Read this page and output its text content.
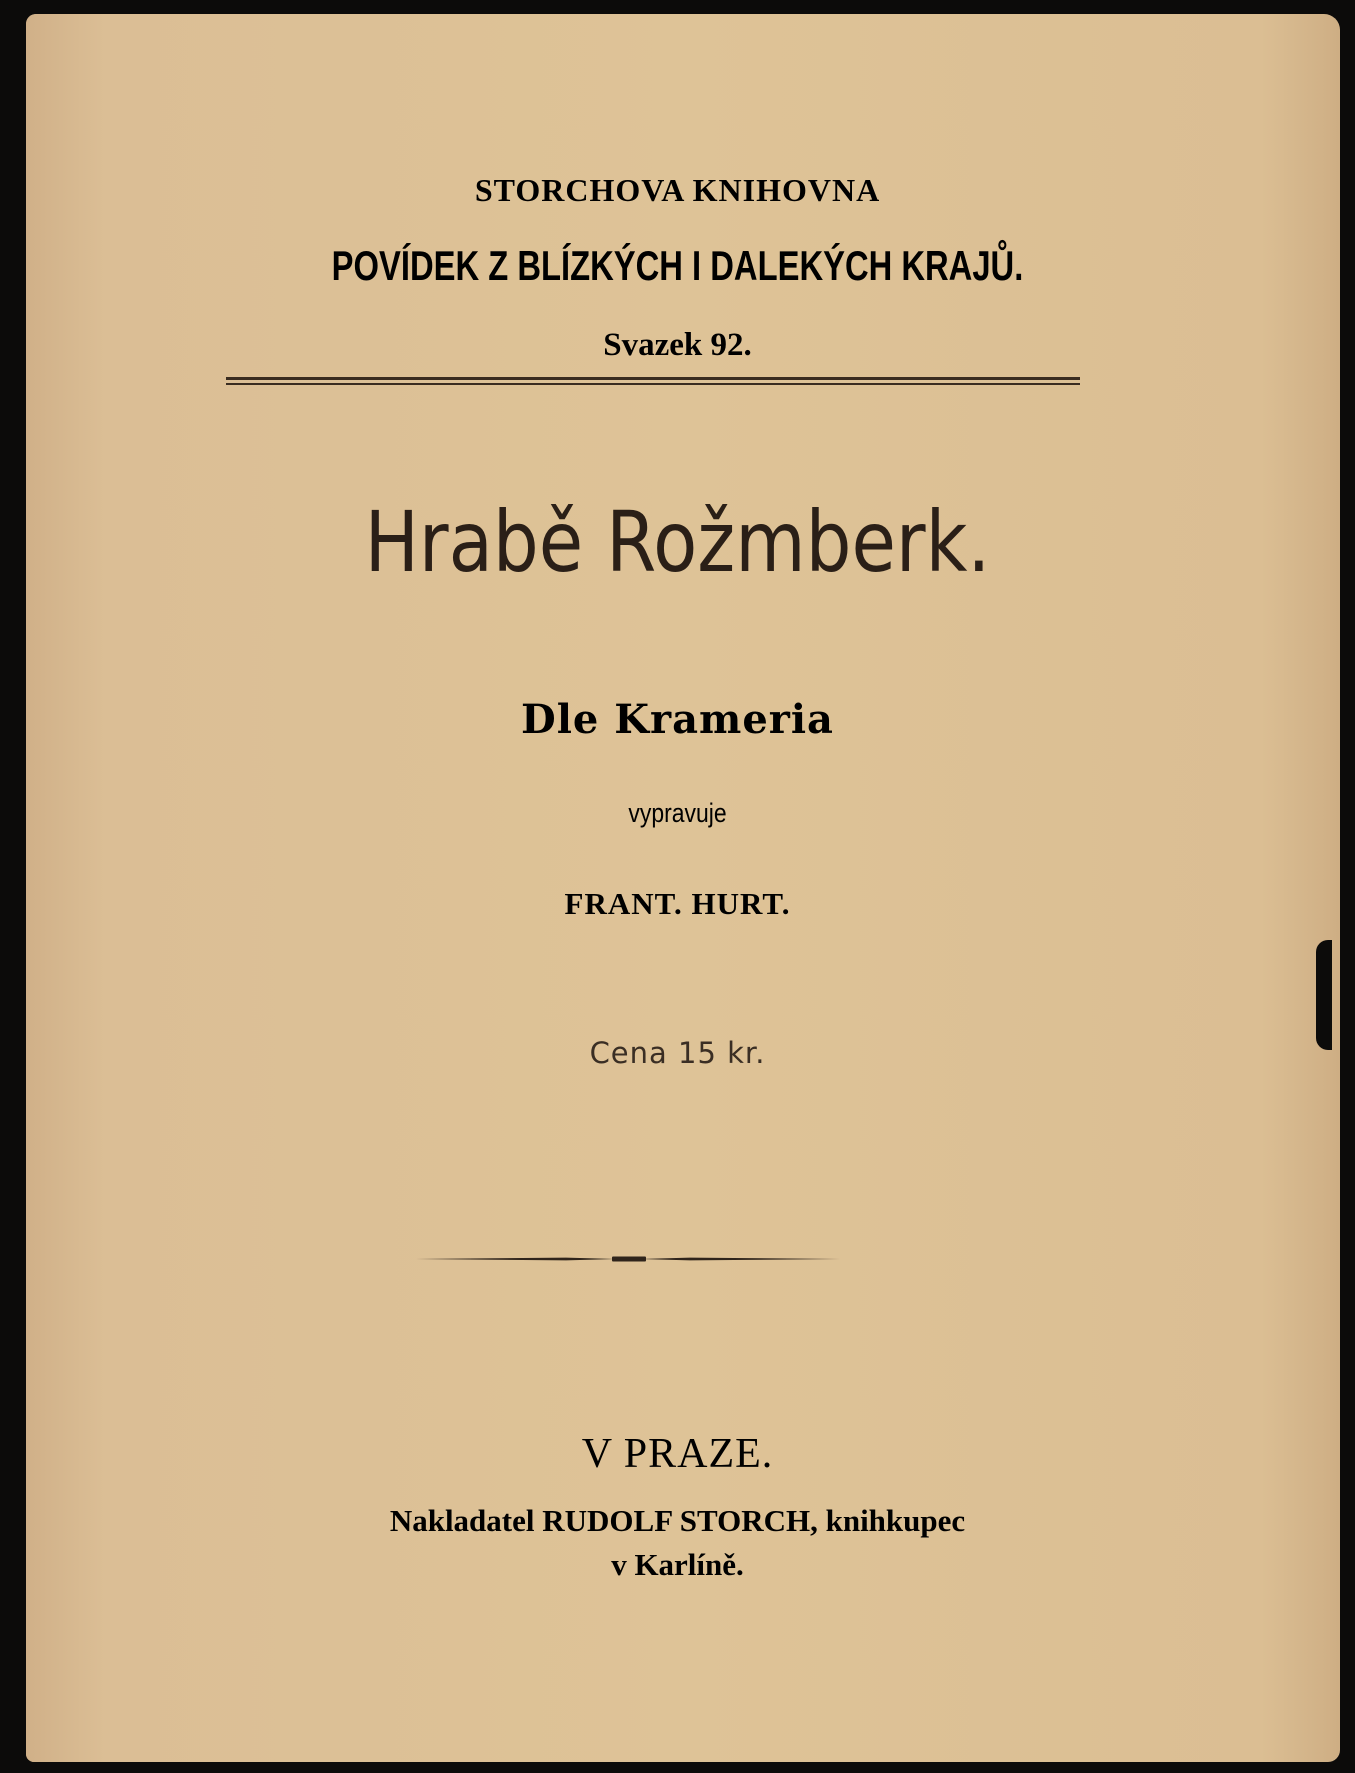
STORCHOVA KNIHOVNA
POVÍDEK Z BLÍZKÝCH I DALEKÝCH KRAJŮ.
Svazek 92.
Hrabě Rožmberk.
Dle Krameria
vypravuje
FRANT. HURT.
Cena 15 kr.
V PRAZE.
Nakladatel RUDOLF STORCH, knihkupec
v Karlíně.
